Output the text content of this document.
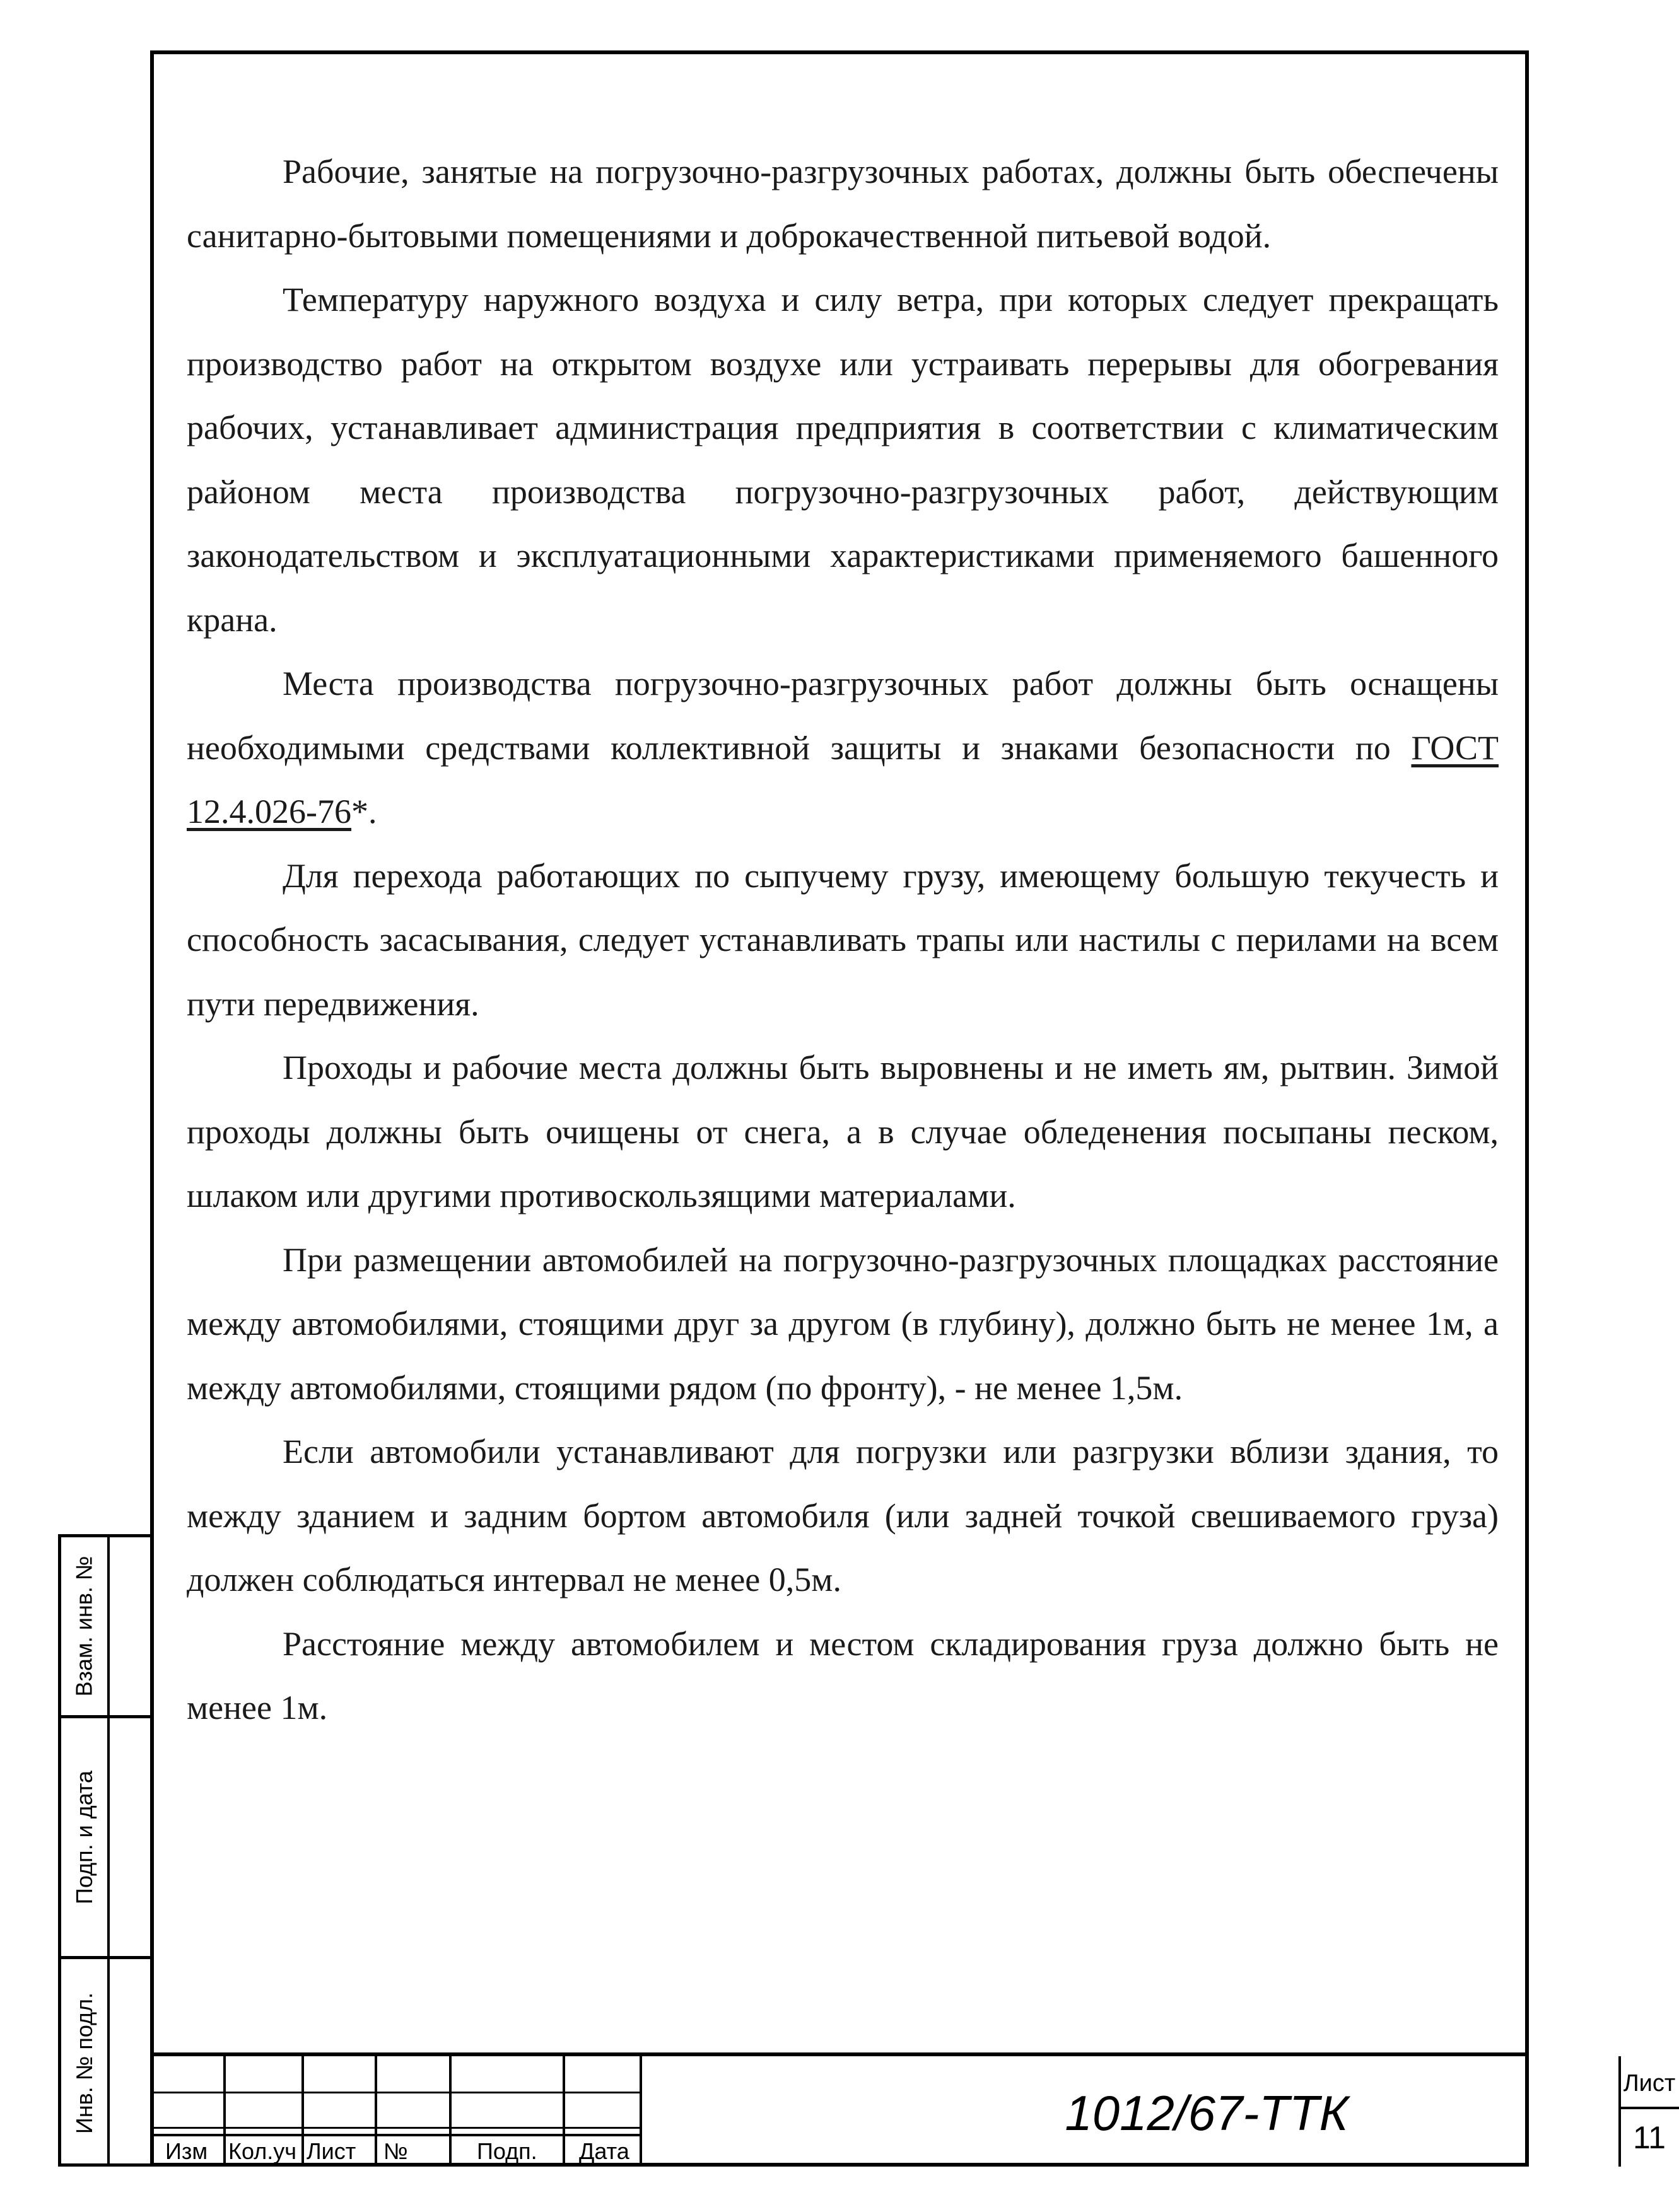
Рабочие, занятые на погрузочно-разгрузочных работах, должны быть обеспечены санитарно-бытовыми помещениями и доброкачественной питьевой водой.

Температуру наружного воздуха и силу ветра, при которых следует прекращать производство работ на открытом воздухе или устраивать перерывы для обогревания рабочих, устанавливает администрация предприятия в соответствии с климатическим районом места производства погрузочно-разгрузочных работ, действующим законодательством и эксплуатационными характеристиками применяемого башенного крана.

Места производства погрузочно-разгрузочных работ должны быть оснащены необходимыми средствами коллективной защиты и знаками безопасности по ГОСТ 12.4.026-76*.

Для перехода работающих по сыпучему грузу, имеющему большую текучесть и способность засасывания, следует устанавливать трапы или настилы с перилами на всем пути передвижения.

Проходы и рабочие места должны быть выровнены и не иметь ям, рытвин. Зимой проходы должны быть очищены от снега, а в случае обледенения посыпаны песком, шлаком или другими противоскользящими материалами.

При размещении автомобилей на погрузочно-разгрузочных площадках расстояние между автомобилями, стоящими друг за другом (в глубину), должно быть не менее 1м, а между автомобилями, стоящими рядом (по фронту), - не менее 1,5м.

Если автомобили устанавливают для погрузки или разгрузки вблизи здания, то между зданием и задним бортом автомобиля (или задней точкой свешиваемого груза) должен соблюдаться интервал не менее 0,5м.

Расстояние между автомобилем и местом складирования груза должно быть не менее 1м.

Взам. инв. №
Подп. и дата
Инв. № подл.
Изм Кол.уч Лист №	Подп. Дата
1012/67-ТТК
Лист
11
